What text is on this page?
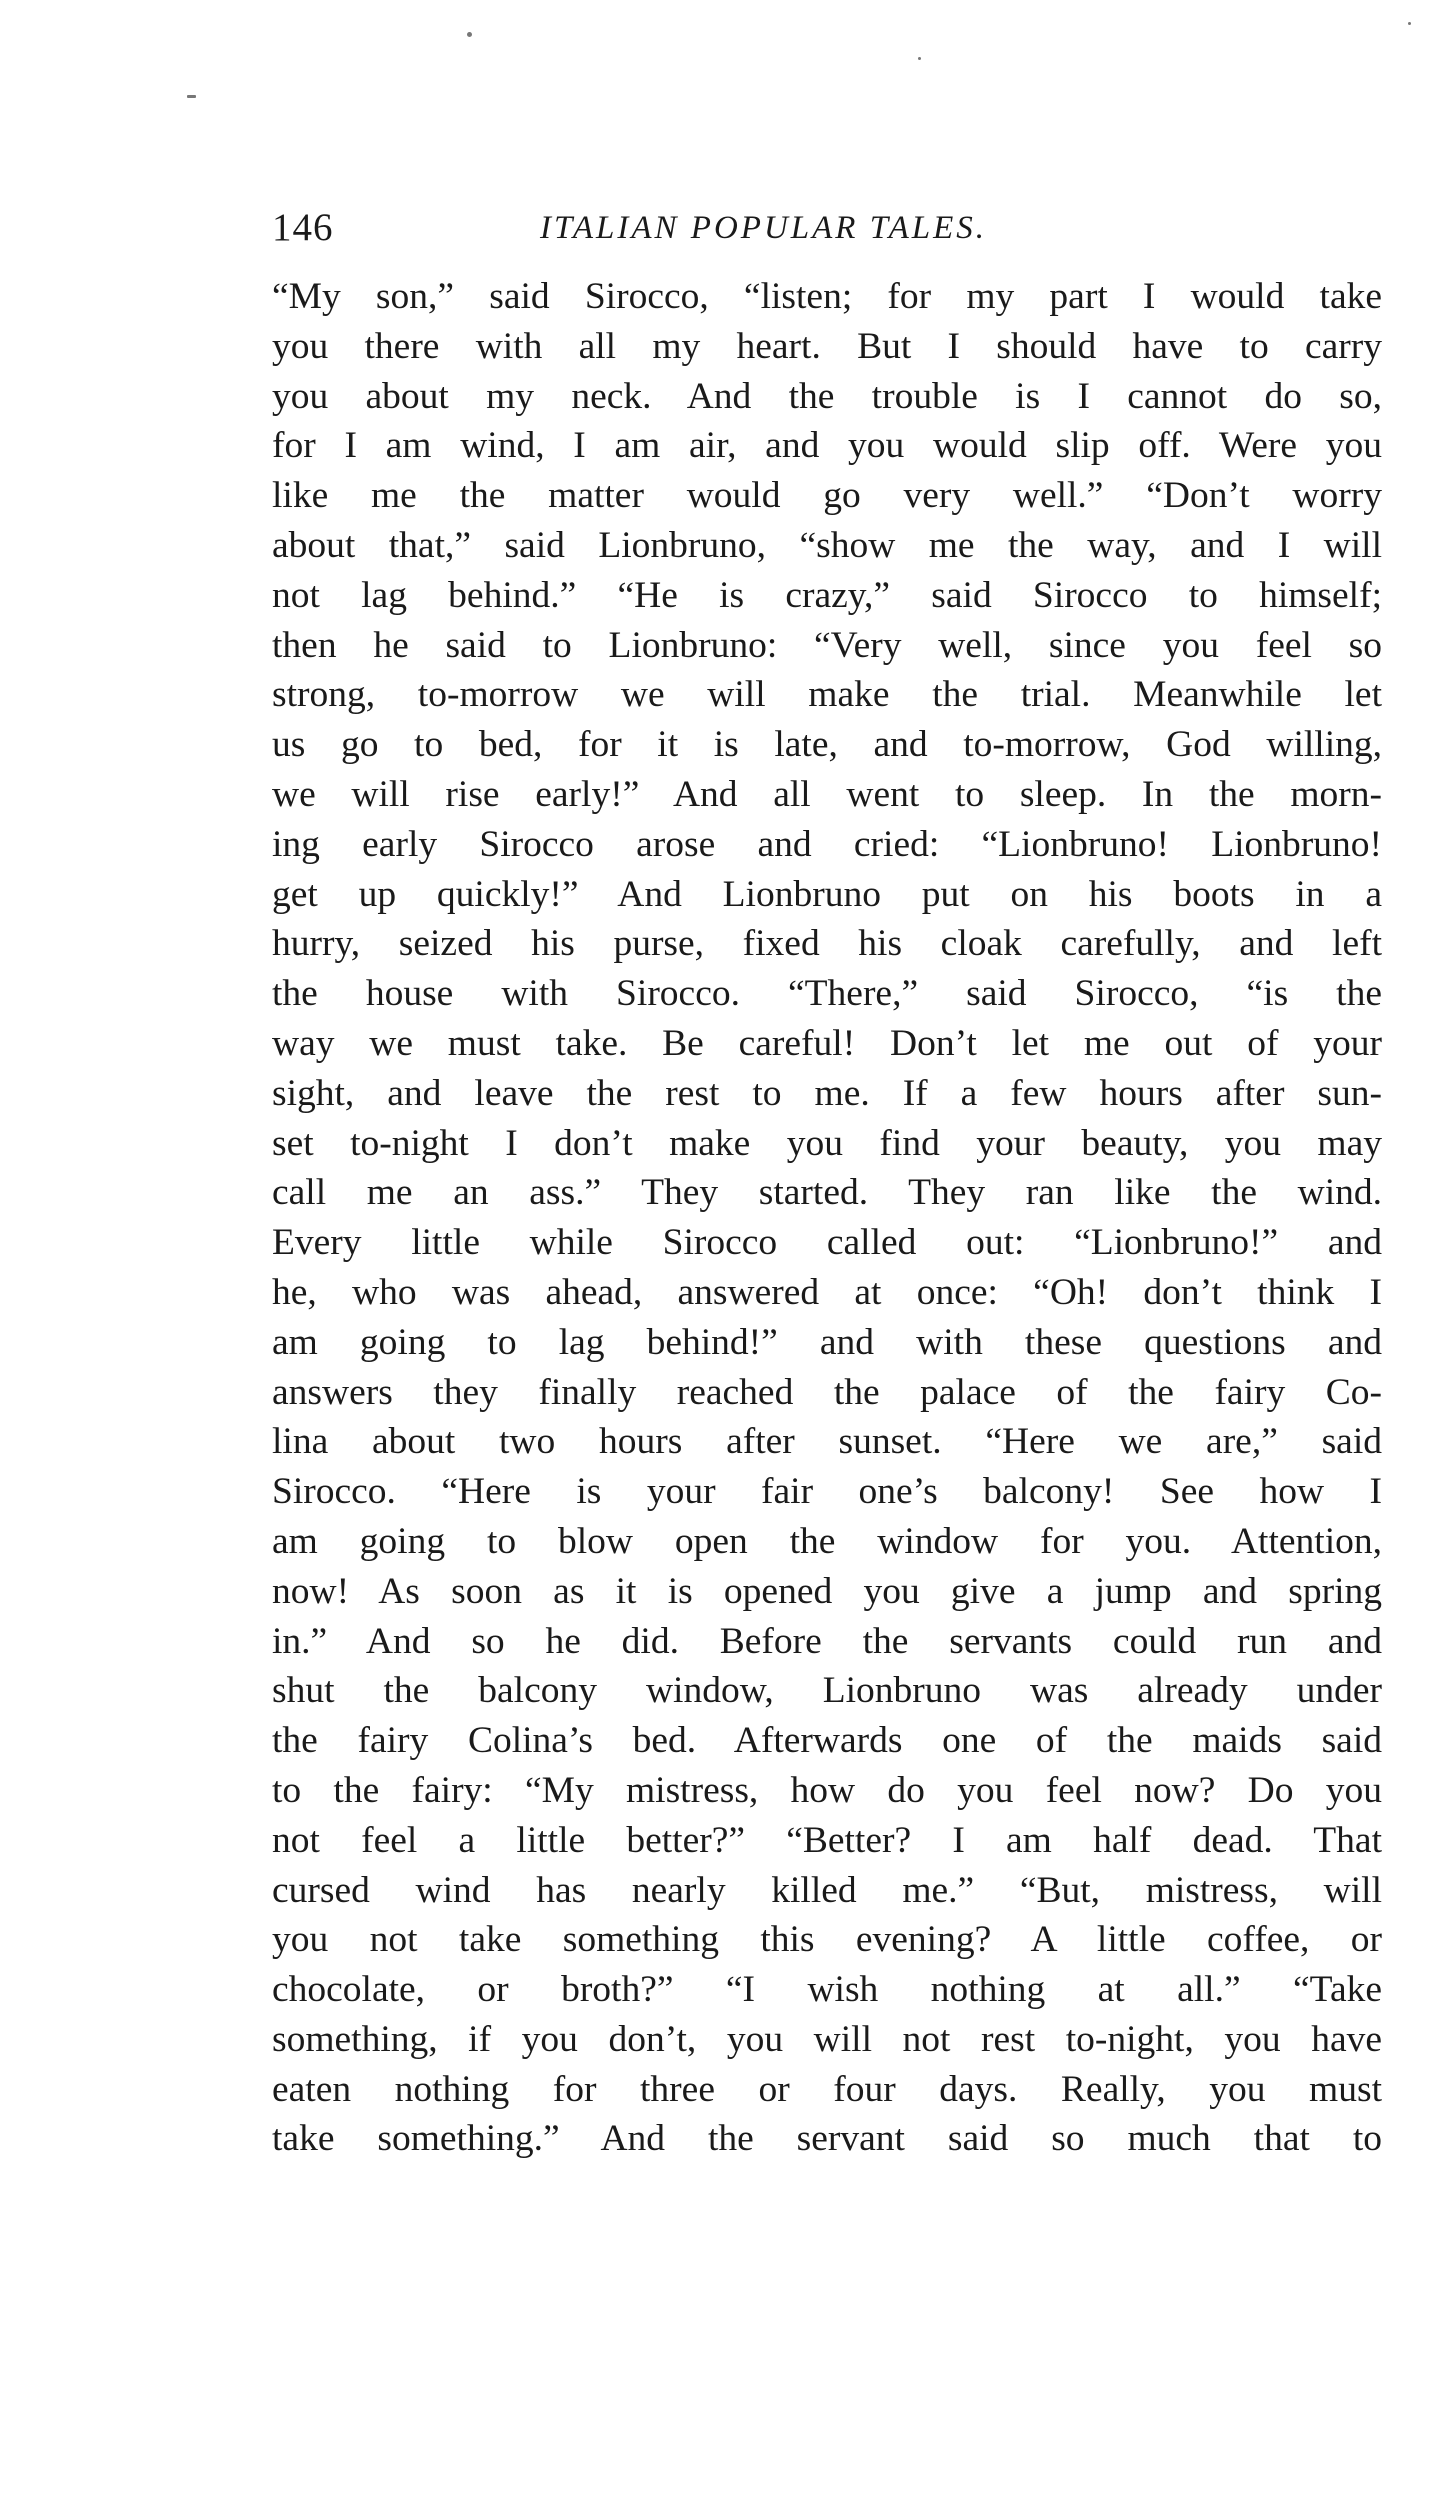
146	ITALIAN POPULAR TALES.
“My son,” said Sirocco, “listen; for my part I would take
you there with all my heart. But I should have to carry
you about my neck. And the trouble is I cannot do so,
for I am wind, I am air, and you would slip off. Were you
like me the matter would go very well.” “Don’t worry
about that,” said Lionbruno, “show me the way, and I will
not lag behind.” “He is crazy,” said Sirocco to himself;
then he said to Lionbruno: “Very well, since you feel so
strong, to-morrow we will make the trial. Meanwhile let
us go to bed, for it is late, and to-morrow, God willing,
we will rise early!” And all went to sleep. In the morn-
ing early Sirocco arose and cried: “Lionbruno! Lionbruno!
get up quickly!” And Lionbruno put on his boots in a
hurry, seized his purse, fixed his cloak carefully, and left
the house with Sirocco. “There,” said Sirocco, “is the
way we must take. Be careful! Don’t let me out of your
sight, and leave the rest to me. If a few hours after sun-
set to-night I don’t make you find your beauty, you may
call me an ass.” They started. They ran like the wind.
Every little while Sirocco called out: “Lionbruno!” and
he, who was ahead, answered at once: “Oh! don’t think I
am going to lag behind!” and with these questions and
answers they finally reached the palace of the fairy Co-
lina about two hours after sunset. “Here we are,” said
Sirocco. “Here is your fair one’s balcony! See how I
am going to blow open the window for you. Attention,
now! As soon as it is opened you give a jump and spring
in.” And so he did. Before the servants could run and
shut the balcony window, Lionbruno was already under
the fairy Colina’s bed. Afterwards one of the maids said
to the fairy: “My mistress, how do you feel now? Do you
not feel a little better?” “Better? I am half dead. That
cursed wind has nearly killed me.” “But, mistress, will
you not take something this evening? A little coffee, or
chocolate, or broth?” “I wish nothing at all.” “Take
something, if you don’t, you will not rest to-night, you have
eaten nothing for three or four days. Really, you must
take something.” And the servant said so much that to
